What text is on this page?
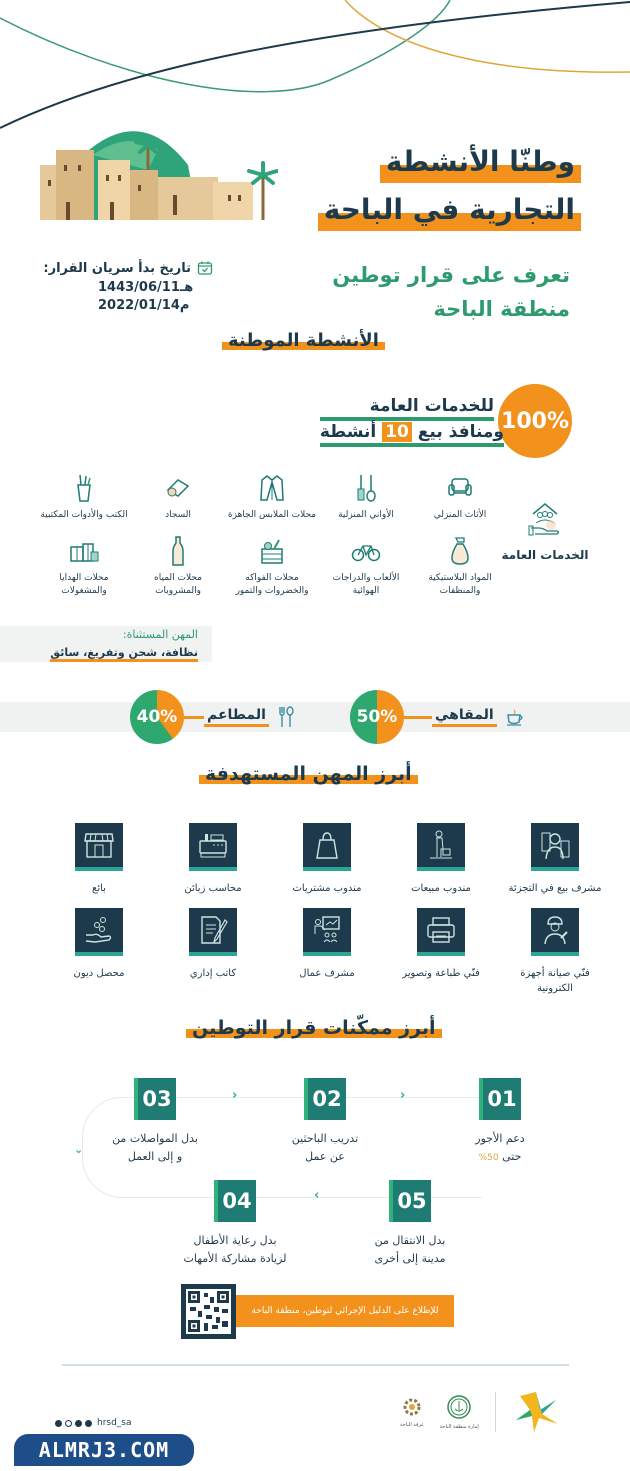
وطنّا الأنشطة
التجارية في الباحة
تعرف على قرار توطين
منطقة الباحة
تاريخ بدأ سريان القرار:
1443/06/11هـ
2022/01/14م
الأنشطة الموطنة
100%
للخدمات العامة
ومنافذ بيع 10 أنشطة
الخدمات العامة
الأثاث المنزلي
الأواني المنزلية
محلات الملابس الجاهزة
السجاد
الكتب والأدوات المكتبية
المواد البلاستيكية والمنظفات
الألعاب والدراجات الهوائية
محلات الفواكه والخضروات والتمور
محلات المياه والمشروبات
محلات الهدايا والمشغولات
المهن المستثناة:
نظافة، شحن وتفريغ، سائق
50%	المقاهي
40%	المطاعم
أبرز المهن المستهدفة
مشرف بيع في التجزئة
مندوب مبيعات
مندوب مشتريات
محاسب زبائن
بائع
فنّي صيانة أجهزة الكترونية
فنّي طباعة وتصوير
مشرف عمال
كاتب إداري
محصل ديون
أبرز ممكّنات قرار التوطين
‹
‹
⌄
›
01
دعم الأجور
حتى 50%
02
تدريب الباحثين
عن عمل
03
بدل المواصلات من
و إلى العمل
05
بدل الانتقال من
مدينة إلى أخرى
04
بدل رعاية الأطفال
لزيادة مشاركة الأمهات
للإطلاع على الدليل الإجرائي لتوطين، منطقة الباحة
غرفة الباحة	إمارة منطقة الباحة
hrsd_sa
ALMRJ3.COM
